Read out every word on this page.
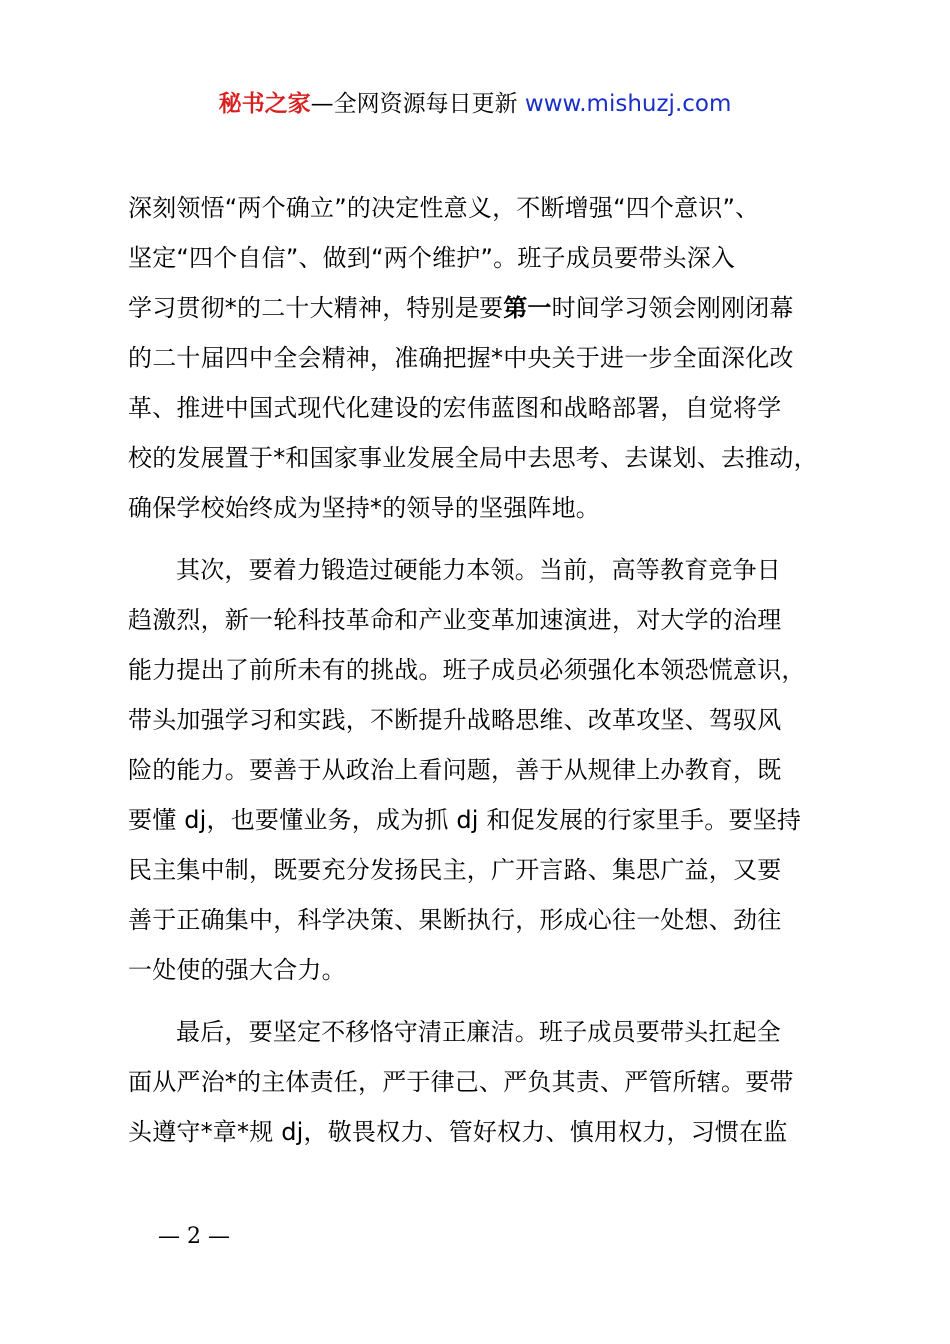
秘书之家—全网资源每日更新 www.mishuzj.com
深刻领悟“两个确立”的决定性意义，不断增强“四个意识”、
坚定“四个自信”、做到“两个维护”。班子成员要带头深入
学习贯彻*的二十大精神，特别是要第一时间学习领会刚刚闭幕
的二十届四中全会精神，准确把握*中央关于进一步全面深化改
革、推进中国式现代化建设的宏伟蓝图和战略部署，自觉将学
校的发展置于*和国家事业发展全局中去思考、去谋划、去推动，
确保学校始终成为坚持*的领导的坚强阵地。
其次，要着力锻造过硬能力本领。当前，高等教育竞争日
趋激烈，新一轮科技革命和产业变革加速演进，对大学的治理
能力提出了前所未有的挑战。班子成员必须强化本领恐慌意识，
带头加强学习和实践，不断提升战略思维、改革攻坚、驾驭风
险的能力。要善于从政治上看问题，善于从规律上办教育，既
要懂 dj，也要懂业务，成为抓 dj 和促发展的行家里手。要坚持
民主集中制，既要充分发扬民主，广开言路、集思广益，又要
善于正确集中，科学决策、果断执行，形成心往一处想、劲往
一处使的强大合力。
最后，要坚定不移恪守清正廉洁。班子成员要带头扛起全
面从严治*的主体责任，严于律己、严负其责、严管所辖。要带
头遵守*章*规 dj，敬畏权力、管好权力、慎用权力，习惯在监
— 2 —
